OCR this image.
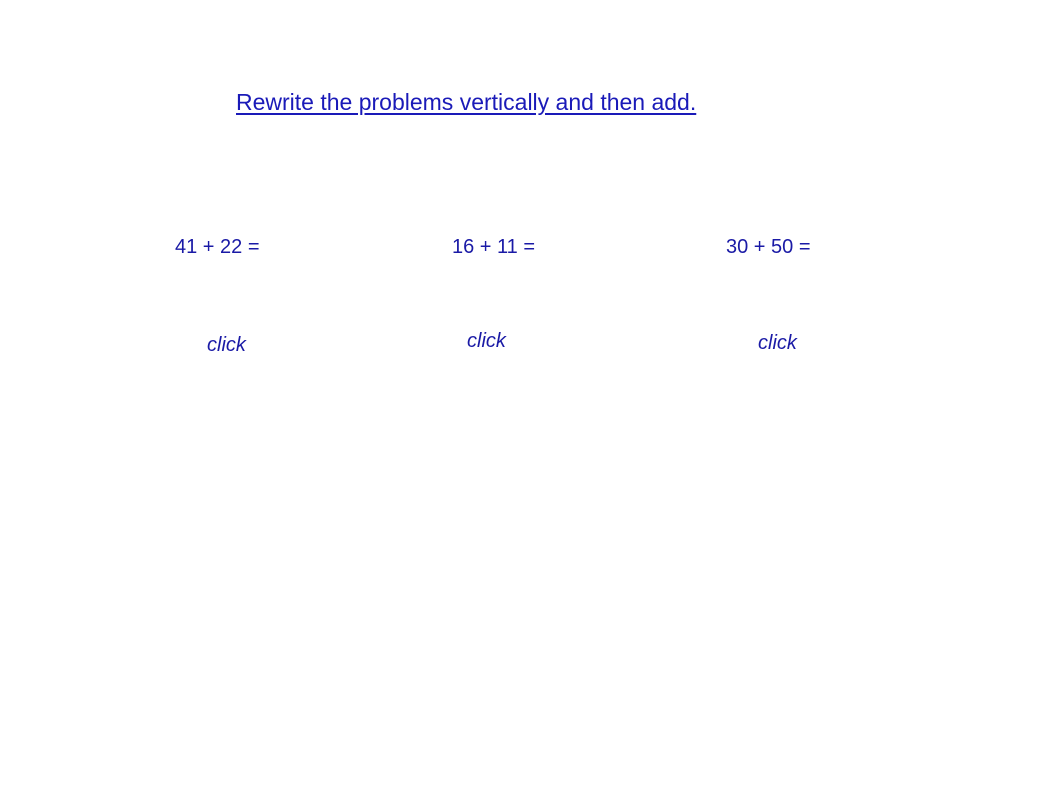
Rewrite the problems vertically and then add.
41 + 22 =	16 + 11 =	30 + 50 =
click	click	click
